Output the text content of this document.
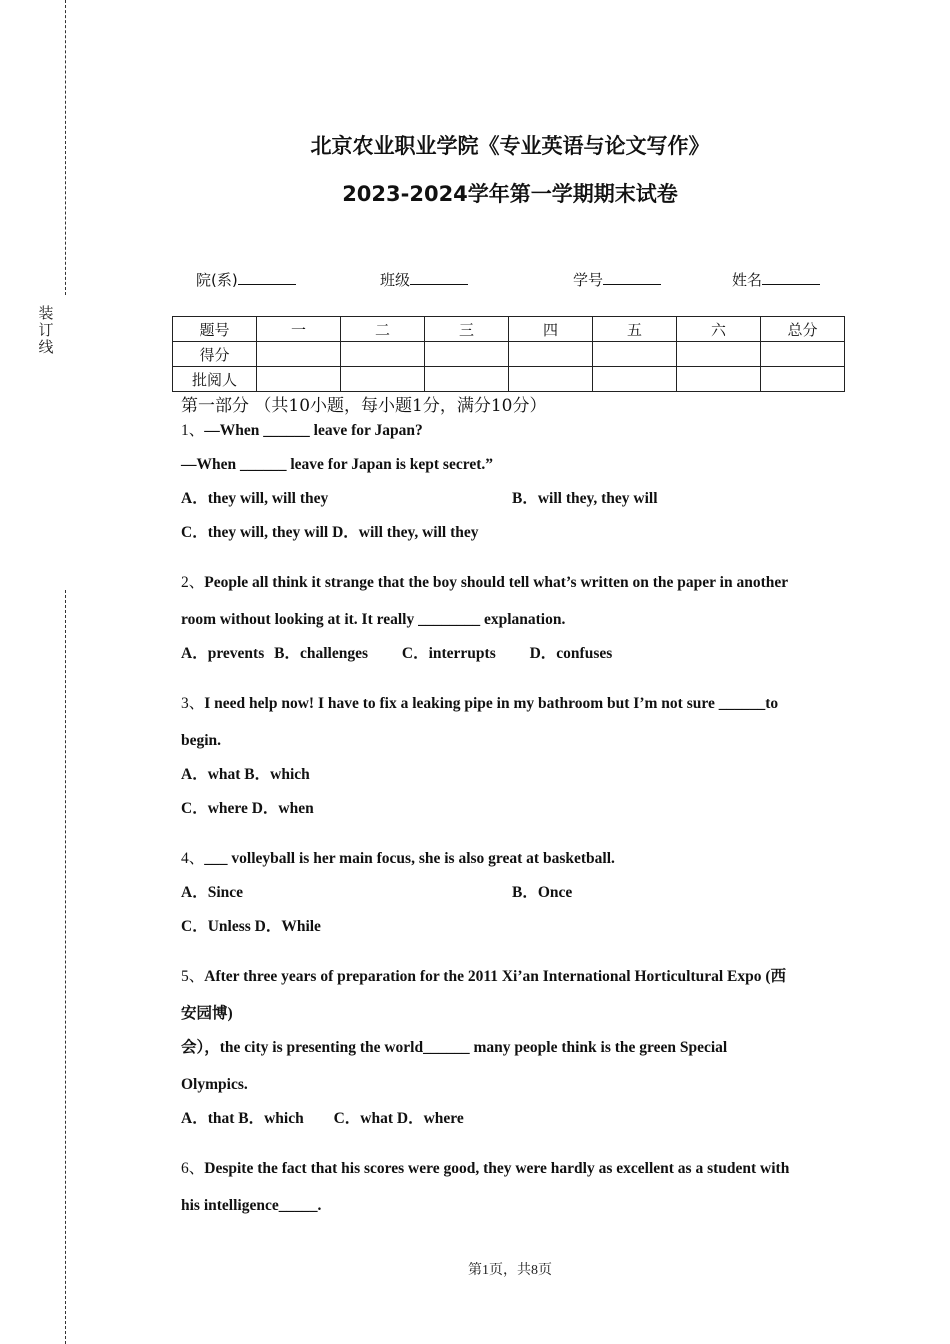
装
订
线
北京农业职业学院《专业英语与论文写作》
2023-2024学年第一学期期末试卷
院(系)	班级	学号	姓名
题号	一	二	三	四	五	六	总分
得分							
批阅人							
第一部分 （共10小题，每小题1分，满分10分）
1、—When ______ leave for Japan?
—When ______ leave for Japan is kept secret.”
A．they will, will they	B．will they, they will
C．they will, they will D．will they, will they
2、People all think it strange that the boy should tell what’s written on the paper in another
room without looking at it. It really ________ explanation.
A．prevents B．challenges C．interrupts D．confuses
3、I need help now! I have to fix a leaking pipe in my bathroom but I’m not sure ______to
begin.
A．what B．which
C．where D．when
4、___ volleyball is her main focus, she is also great at basketball.
A．Since	B．Once
C．Unless D．While
5、After three years of preparation for the 2011 Xi’an International Horticultural Expo (西
安园博)
会），the city is presenting the world______ many people think is the green Special
Olympics.
A．that B．which C．what D．where
6、Despite the fact that his scores were good, they were hardly as excellent as a student with
his intelligence_____.
第1页，共8页
